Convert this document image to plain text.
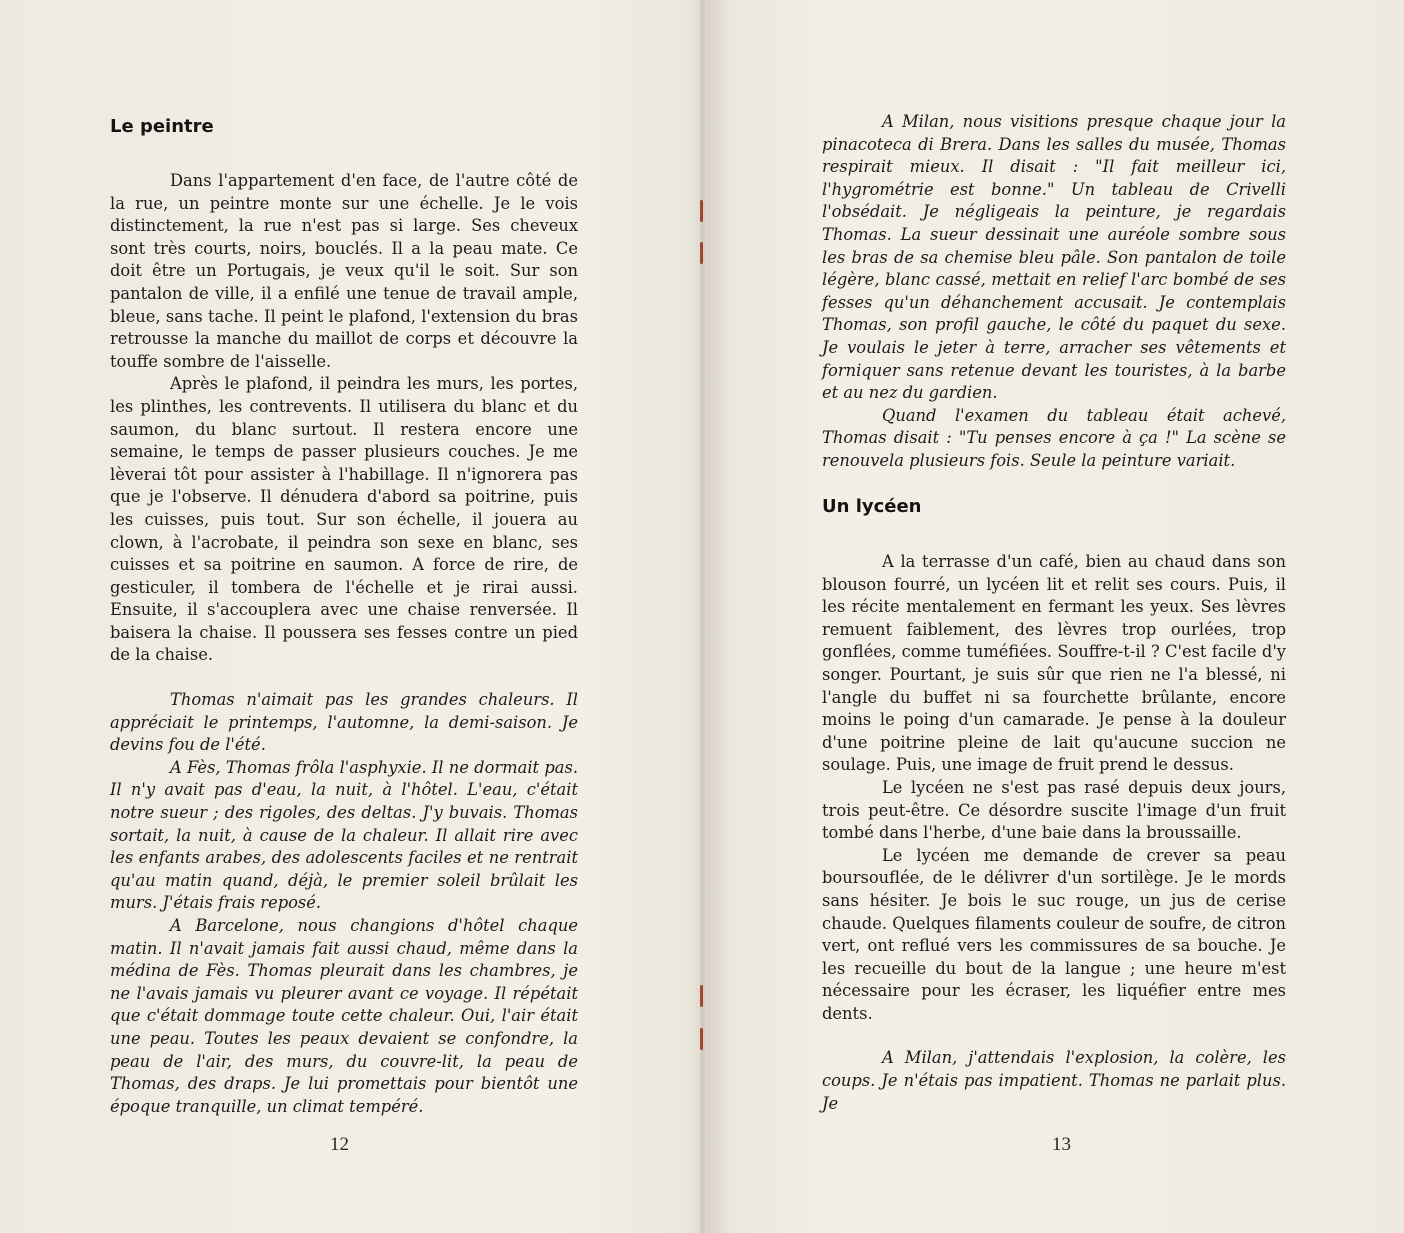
Le peintre

Dans l'appartement d'en face, de l'autre côté de la rue, un peintre monte sur une échelle. Je le vois distinctement, la rue n'est pas si large. Ses cheveux sont très courts, noirs, bouclés. Il a la peau mate. Ce doit être un Portugais, je veux qu'il le soit. Sur son pantalon de ville, il a enfilé une tenue de travail ample, bleue, sans tache. Il peint le plafond, l'extension du bras retrousse la manche du maillot de corps et découvre la touffe sombre de l'aisselle.

Après le plafond, il peindra les murs, les portes, les plinthes, les contrevents. Il utilisera du blanc et du saumon, du blanc surtout. Il restera encore une semaine, le temps de passer plusieurs couches. Je me lèverai tôt pour assister à l'habillage. Il n'ignorera pas que je l'observe. Il dénudera d'abord sa poitrine, puis les cuisses, puis tout. Sur son échelle, il jouera au clown, à l'acrobate, il peindra son sexe en blanc, ses cuisses et sa poitrine en saumon. A force de rire, de gesticuler, il tombera de l'échelle et je rirai aussi. Ensuite, il s'accouplera avec une chaise renversée. Il baisera la chaise. Il poussera ses fesses contre un pied de la chaise.

Thomas n'aimait pas les grandes chaleurs. Il appréciait le printemps, l'automne, la demi-saison. Je devins fou de l'été.

A Fès, Thomas frôla l'asphyxie. Il ne dormait pas. Il n'y avait pas d'eau, la nuit, à l'hôtel. L'eau, c'était notre sueur ; des rigoles, des deltas. J'y buvais. Thomas sortait, la nuit, à cause de la chaleur. Il allait rire avec les enfants arabes, des adolescents faciles et ne rentrait qu'au matin quand, déjà, le premier soleil brûlait les murs. J'étais frais reposé.

A Barcelone, nous changions d'hôtel chaque matin. Il n'avait jamais fait aussi chaud, même dans la médina de Fès. Thomas pleurait dans les chambres, je ne l'avais jamais vu pleurer avant ce voyage. Il répétait que c'était dommage toute cette chaleur. Oui, l'air était une peau. Toutes les peaux devaient se confondre, la peau de l'air, des murs, du couvre-lit, la peau de Thomas, des draps. Je lui promettais pour bientôt une époque tranquille, un climat tempéré.

12

A Milan, nous visitions presque chaque jour la pinacoteca di Brera. Dans les salles du musée, Thomas respirait mieux. Il disait : "Il fait meilleur ici, l'hygrométrie est bonne." Un tableau de Crivelli l'obsédait. Je négligeais la peinture, je regardais Thomas. La sueur dessinait une auréole sombre sous les bras de sa chemise bleu pâle. Son pantalon de toile légère, blanc cassé, mettait en relief l'arc bombé de ses fesses qu'un déhanchement accusait. Je contemplais Thomas, son profil gauche, le côté du paquet du sexe. Je voulais le jeter à terre, arracher ses vêtements et forniquer sans retenue devant les touristes, à la barbe et au nez du gardien.

Quand l'examen du tableau était achevé, Thomas disait : "Tu penses encore à ça !" La scène se renouvela plusieurs fois. Seule la peinture variait.

Un lycéen

A la terrasse d'un café, bien au chaud dans son blouson fourré, un lycéen lit et relit ses cours. Puis, il les récite mentalement en fermant les yeux. Ses lèvres remuent faiblement, des lèvres trop ourlées, trop gonflées, comme tuméfiées. Souffre-t-il ? C'est facile d'y songer. Pourtant, je suis sûr que rien ne l'a blessé, ni l'angle du buffet ni sa fourchette brûlante, encore moins le poing d'un camarade. Je pense à la douleur d'une poitrine pleine de lait qu'aucune succion ne soulage. Puis, une image de fruit prend le dessus.

Le lycéen ne s'est pas rasé depuis deux jours, trois peut-être. Ce désordre suscite l'image d'un fruit tombé dans l'herbe, d'une baie dans la broussaille.

Le lycéen me demande de crever sa peau boursouflée, de le délivrer d'un sortilège. Je le mords sans hésiter. Je bois le suc rouge, un jus de cerise chaude. Quelques filaments couleur de soufre, de citron vert, ont reflué vers les commissures de sa bouche. Je les recueille du bout de la langue ; une heure m'est nécessaire pour les écraser, les liquéfier entre mes dents.

A Milan, j'attendais l'explosion, la colère, les coups. Je n'étais pas impatient. Thomas ne parlait plus. Je

13
